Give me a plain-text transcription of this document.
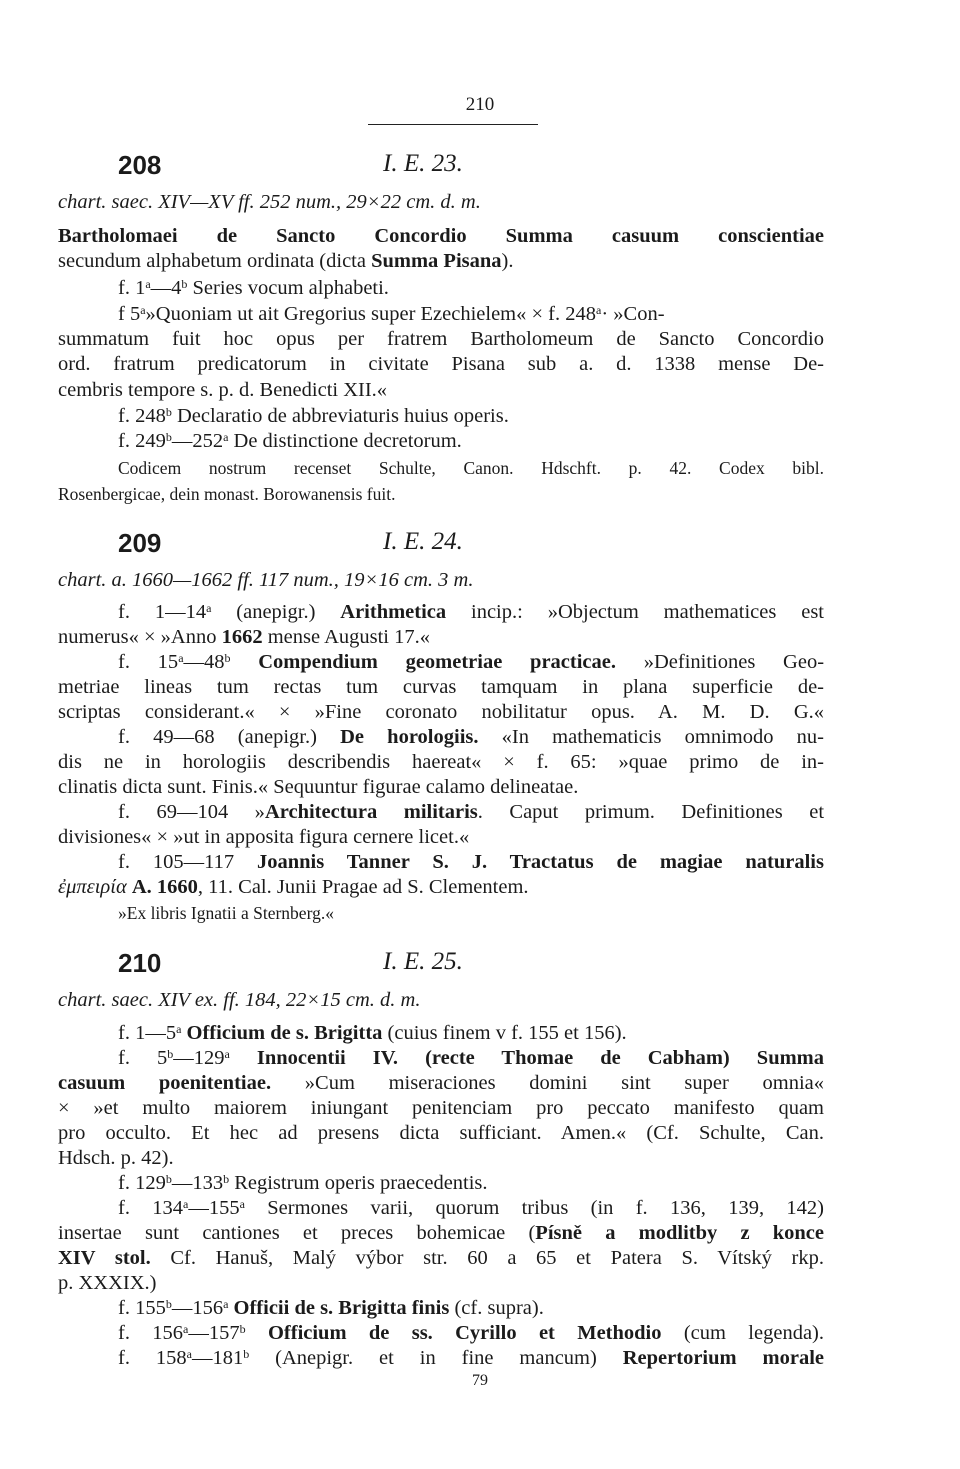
210
208	I. E. 23.
chart. saec. XIV—XV ff. 252 num., 29×22 cm. d. m.
Bartholomaei de Sancto Concordio Summa casuum conscientiae
secundum alphabetum ordinata (dicta Summa Pisana).
f. 1$^a$—4$^b$ Series vocum alphabeti.
f 5$^a$»Quoniam ut ait Gregorius super Ezechielem« × f. $248^a\cdot$ »Con-
summatum fuit hoc opus per fratrem Bartholomeum de Sancto Concordio
ord. fratrum predicatorum in civitate Pisana sub a. d. 1338 mense De-
cembris tempore s. p. d. Benedicti XII.«
f. 248$^b$ Declaratio de abbreviaturis huius operis.
f. 249$^b$—252$^a$ De distinctione decretorum.
Codicem nostrum recenset Schulte, Canon. Hdschft. p. 42. Codex bibl.
Rosenbergicae, dein monast. Borowanensis fuit.
209	I. E. 24.
chart. a. 1660—1662 ff. 117 num., 19×16 cm. 3 m.
f. 1—14$^a$ (anepigr.) Arithmetica incip.: »Objectum mathematices est
numerus« × »Anno 1662 mense Augusti 17.«
f. 15$^a$—48$^b$ Compendium geometriae practicae. »Definitiones Geo-
metriae lineas tum rectas tum curvas tamquam in plana superficie de-
scriptas considerant.« × »Fine coronato nobilitatur opus. A. M. D. G.«
f. 49—68 (anepigr.) De horologiis. «In mathematicis omnimodo nu-
dis ne in horologiis describendis haereat« × f. 65: »quae primo de in-
clinatis dicta sunt. Finis.« Sequuntur figurae calamo delineatae.
f. 69—104 »Architectura militaris. Caput primum. Definitiones et
divisiones« × »ut in apposita figura cernere licet.«
f. 105—117 Joannis Tanner S. J. Tractatus de magiae naturalis
ἐμπειρία A. 1660, 11. Cal. Junii Pragae ad S. Clementem.
»Ex libris Ignatii a Sternberg.«
210	I. E. 25.
chart. saec. XIV ex. ff. 184, 22×15 cm. d. m.
f. 1—5$^a$ Officium de s. Brigitta (cuius finem v f. 155 et 156).
f. 5$^b$—129$^a$ Innocentii IV. (recte Thomae de Cabham) Summa
casuum poenitentiae. »Cum miseraciones domini sint super omnia«
× »et multo maiorem iniungant penitenciam pro peccato manifesto quam
pro occulto. Et hec ad presens dicta sufficiant. Amen.« (Cf. Schulte, Can.
Hdsch. p. 42).
f. 129$^b$—133$^b$ Registrum operis praecedentis.
f. 134$^a$—155$^a$ Sermones varii, quorum tribus (in f. 136, 139, 142)
insertae sunt cantiones et preces bohemicae (Písně a modlitby z konce
XIV stol. Cf. Hanuš, Malý výbor str. 60 a 65 et Patera S. Vítský rkp.
p. XXXIX.)
f. 155$^b$—156$^a$ Officii de s. Brigitta finis (cf. supra).
f. 156$^a$—157$^b$ Officium de ss. Cyrillo et Methodio (cum legenda).
f. 158$^a$—181$^b$ (Anepigr. et in fine mancum) Repertorium morale
79
